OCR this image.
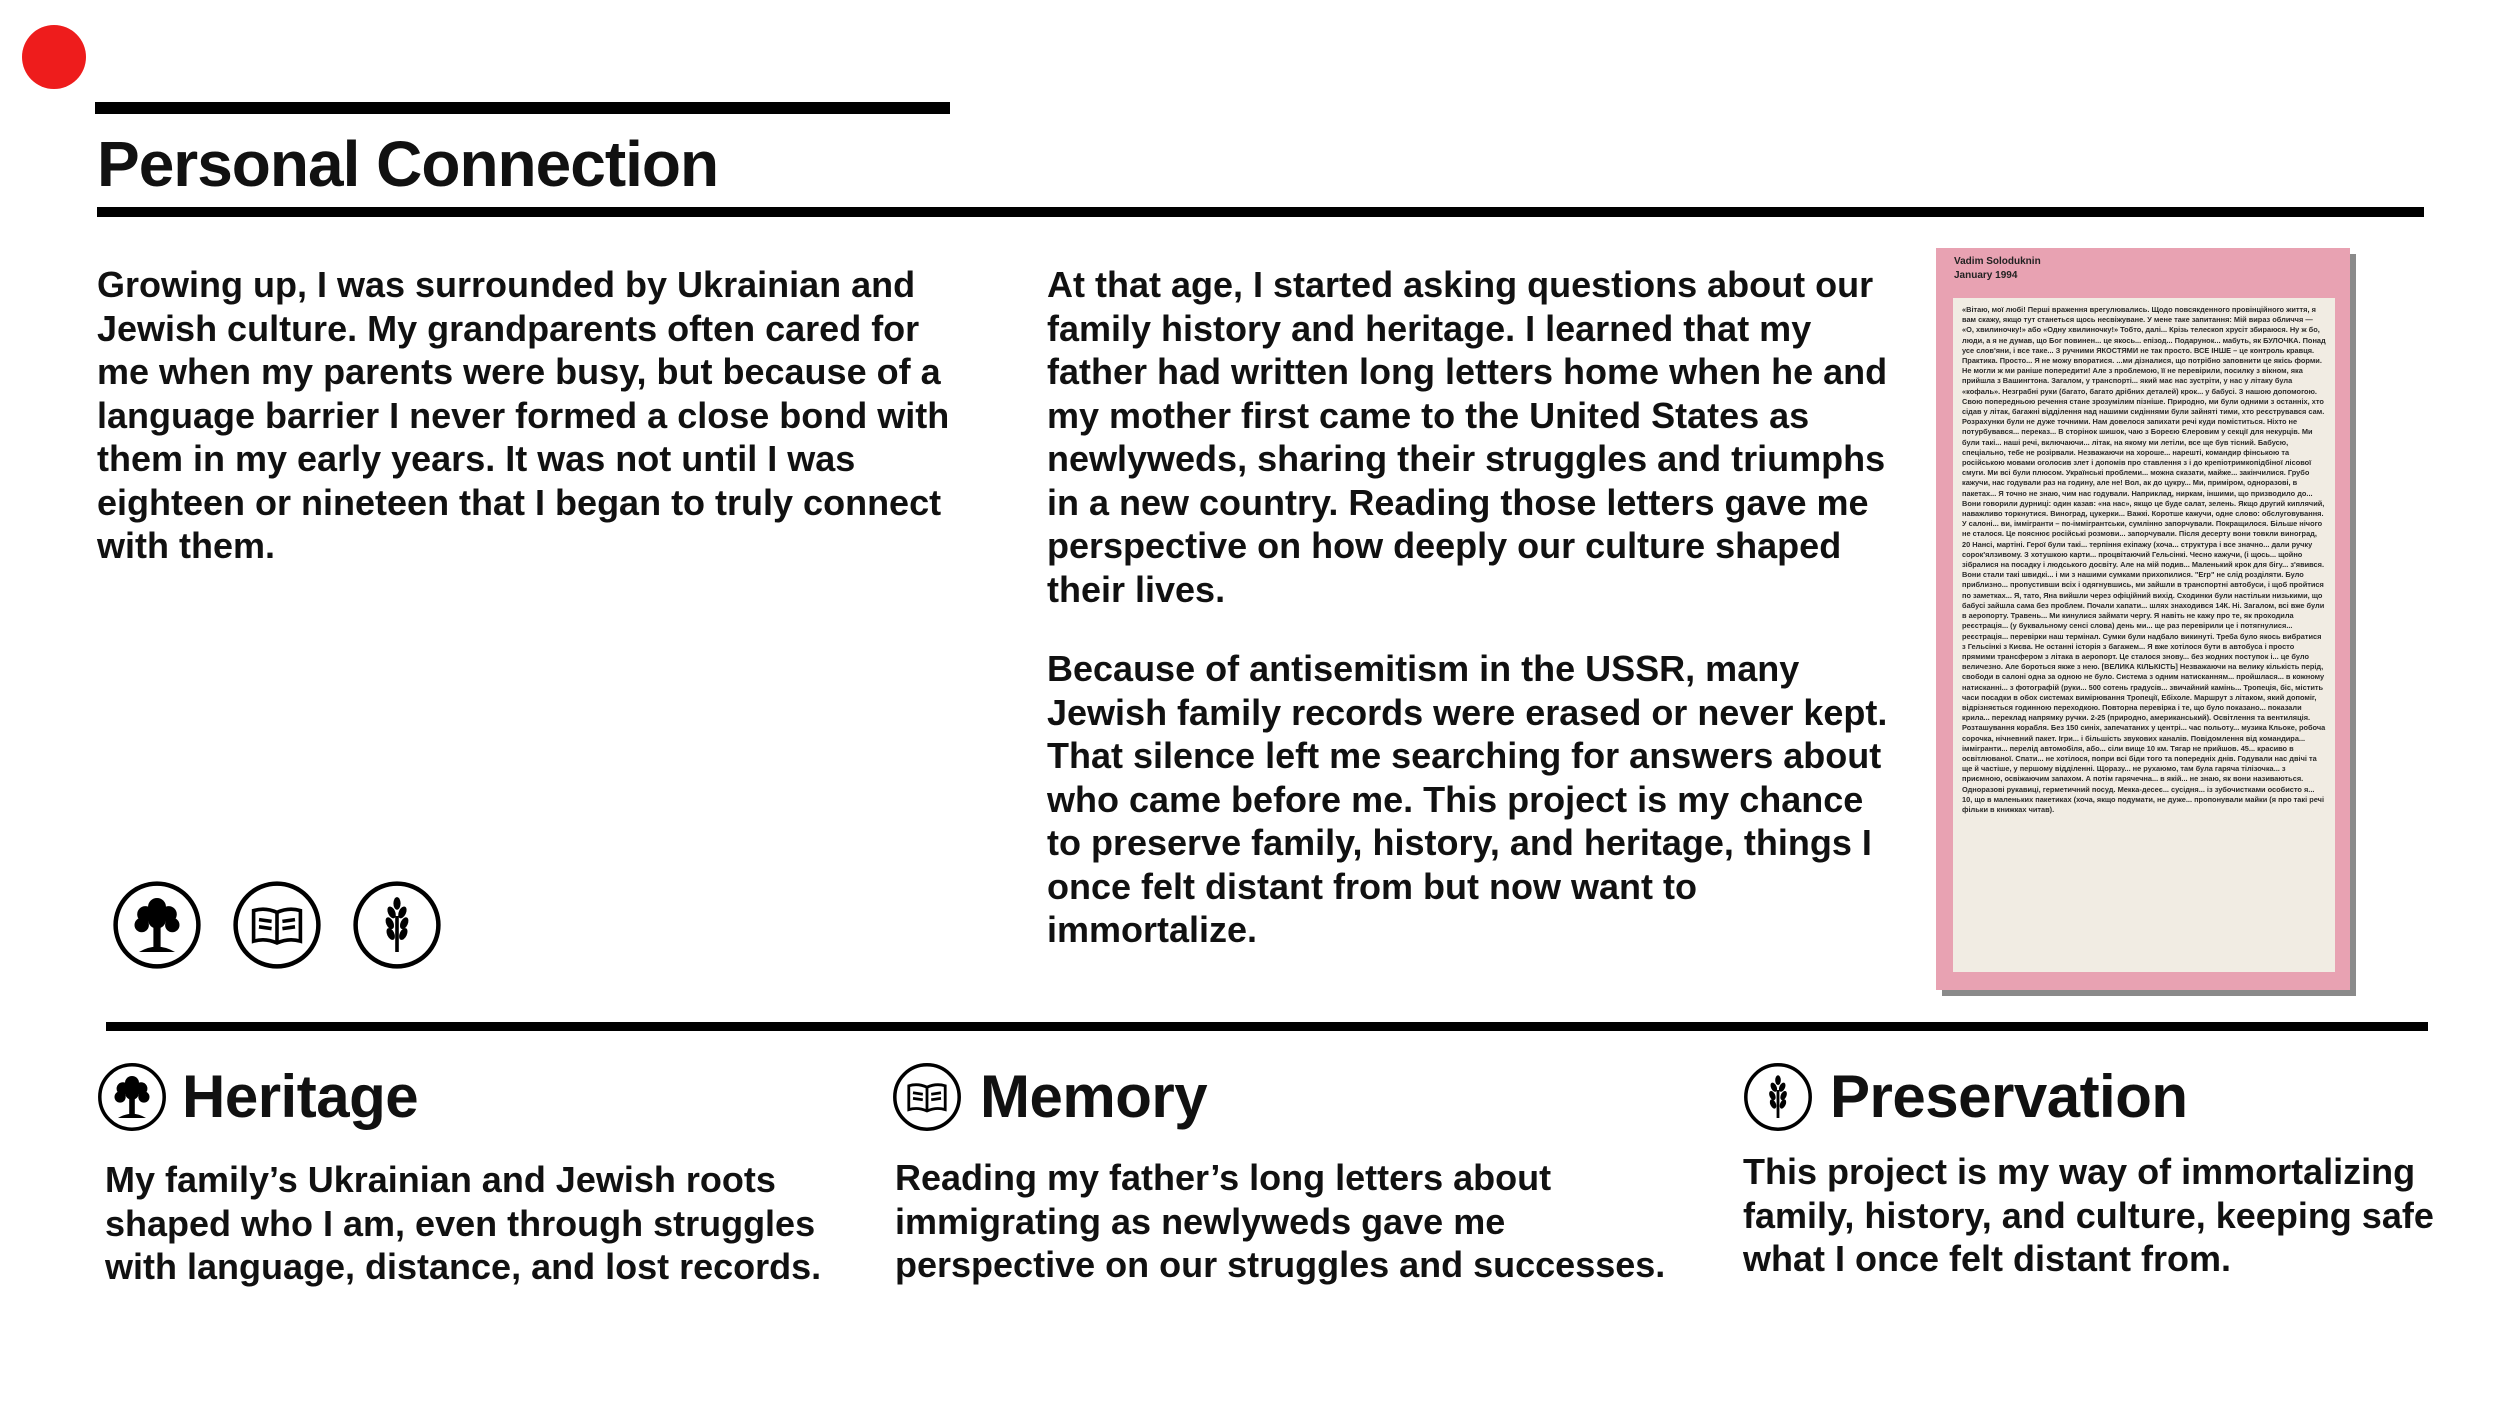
Personal Connection

Growing up, I was surrounded by Ukrainian and Jewish culture. My grandparents often cared for me when my parents were busy, but because of a language barrier I never formed a close bond with them in my early years. It was not until I was eighteen or nineteen that I began to truly connect with them.

At that age, I started asking questions about our family history and heritage. I learned that my father had written long letters home when he and my mother first came to the United States as newlyweds, sharing their struggles and triumphs in a new country. Reading those letters gave me perspective on how deeply our culture shaped their lives.

Because of antisemitism in the USSR, many Jewish family records were erased or never kept. That silence left me searching for answers about who came before me. This project is my chance to preserve family, history, and heritage, things I once felt distant from but now want to immortalize.

Vadim Soloduknin
January 1994

«Вітаю, мої любі! Перші враження врегулювались. Щодо повсякденного провінційного життя, я вам скажу, якщо тут станеться щось несвіжуване. У мене таке запитання: Мій вираз обличчя — «О, хвилиночку!» або «Одну хвилиночку!» Тобто, далі... Крізь телескоп хрусіт збираюся. Ну ж бо, люди, а я не думав, що Бог повинен... це якось... епізод... Подарунок... мабуть, як БУЛОЧКА. Понад усе слов'яни, і все таке... З ручними ЯКОСТЯМИ не так просто. ВСЕ ІНШЕ – це контроль кравця. Практика. Просто... Я не можу впоратися. ...ми дізналися, що потрібно заповнити це якісь форми. Не могли ж ми раніше попередити! Але з проблемою, її не перевірили, посилку з вікном, яка прийшла з Вашингтона. Загалом, у транспорті... який має нас зустріти, у нас у літаку була «кофаль». Незграбні руки (багато, багато дрібних деталей) крок... у бабусі. З нашою допомогою. Свою попередньою речення стане зрозумілим пізніше. Природно, ми були одними з останніх, хто сідав у літак, багажні відділення над нашими сидіннями були зайняті тими, хто реєструвався сам. Розрахунки були не дуже точними. Нам довелося запихати речі куди поміститься. Ніхто не потурбувався... переказ... В сторінок шишок, чаю з Бореєю Єлеровим у секції для некурців. Ми були такі... наші речі, включаючи... літак, на якому ми летіли, все ще був тісний. Бабусю, спеціально, тебе не розірвали. Незважаючи на хороше... нарешті, командир фінською та російською мовами оголосив злет і допомів про ставлення з і до крепіотримкопідбіної лісової смуги. Ми всі були плюсом. Українські проблеми... можна сказати, майже... закінчилися. Грубо кажучи, нас годували раз на годину, але не! Вол, ак до цукру... Ми, приміром, одноразові, в пакетах... Я точно не знаю, чим нас годували. Наприклад, ниркам, іншими, що призводило до... Вони говорили дурниці: один казав: «на нас», якщо це буде салат, зелень. Якщо другий киплячий, наважливо торкнутися. Виноград, цукерки... Важкі. Коротше кажучи, одне слово: обслуговування. У салоні... ви, іммігранти – по-іммігрантськи, сумлінно запорчували. Покращилося. Більше нічого не сталося. Це пояснює російські розмови... запорчували. Після десерту вони товкли виноград, 20 Нансі, мартіні. Герої були такі... терпіння ехіпажу (хоча... структура і все значно... дали ручку сорок'ялзивому. З хотушкою карти... процвітаючий Гельсінкі. Чесно кажучи, (і щось... щойно зібралися на посадку і людського досвіту. Але на мій подив... Маленький крок для бігу... з'явився. Вони стали такі швидкі... і ми з нашими сумками прихопилися. "Егр" не слід розділяти. Було приблизно... пропустивши всіх і одягнувшись, ми зайшли в транспортні автобуси, і щоб пройтися по заметках... Я, тато, Яна вийшли через офіційний вихід. Сходинки були настільки низькими, що бабусі зайшла сама без проблем. Почали хапати... шлях знаходився 14К. Ні. Загалом, всі вже були в аеропорту. Травень... Ми кинулися займати чергу. Я навіть не кажу про те, як проходила реєстрація... (у буквальному сенсі слова) день ми... ще раз перевірили це і потягнулися... реєстрація... перевірки наш термінал. Сумки були надбало викинуті. Треба було якось вибратися з Гельсінкі з Києва. Не останні історія з багажем... Я вже хотілося бути в автобуса і просто прямими трансфером з літака в аеропорт. Це сталося знову... без жодних поступок і... це було величезно. Але бороться якже з нею. [ВЕЛИКА КІЛЬКІСТЬ] Незважаючи на велику кількість перід, свободи в салоні одна за одною не було. Система з одним натисканням... пройшлася... в кожному натисканні... з фотографій (руки... 500 сотень градусів... звичайний камінь... Тропеція, біс, містить часи посадки в обох системах вимірювання Тропеції, Ебіхоле. Маршрут з літаком, який допоміг, відрізняється годинною переходкою. Повторна перевірка і те, що було показано... показали крила... переклад напрямку ручки. 2-25 (природно, американський). Освітлення та вентиляція. Розташування корабля. Без 150 синіх, запечатаних у центрі... час польоту... музика Кльоке, робоча сорочка, нічневний пакет. Ігри... і більшість звукових каналів. Повідомлення від командира... іммігранти... перелід автомобіля, або... сіли вище 10 км. Тягар не прийшов. 45... красиво в освітлюваної. Спати... не хотілося, попри всі біди того та попередніх днів. Годували нас двічі та ще й частіше, у першому відділенні. Щоразу... не рухаюмо, там була гаряча тілізочка... з приємною, освіжаючим запахом. А потім гарячечна... в якій... не знаю, як вони називаються. Одноразові рукавиці, герметичний посуд. Мекка-десеє... сусідня... із зубочистками особисто я... 10, що в маленьких пакетиках (хоча, якщо подумати, не дуже... пропонували майки (я про такі речі фільки в книжках читав).

Heritage

My family’s Ukrainian and Jewish roots shaped who I am, even through struggles with language, distance, and lost records.

Memory

Reading my father’s long letters about immigrating as newlyweds gave me perspective on our struggles and successes.

Preservation

This project is my way of immortalizing family, history, and culture, keeping safe what I once felt distant from.
